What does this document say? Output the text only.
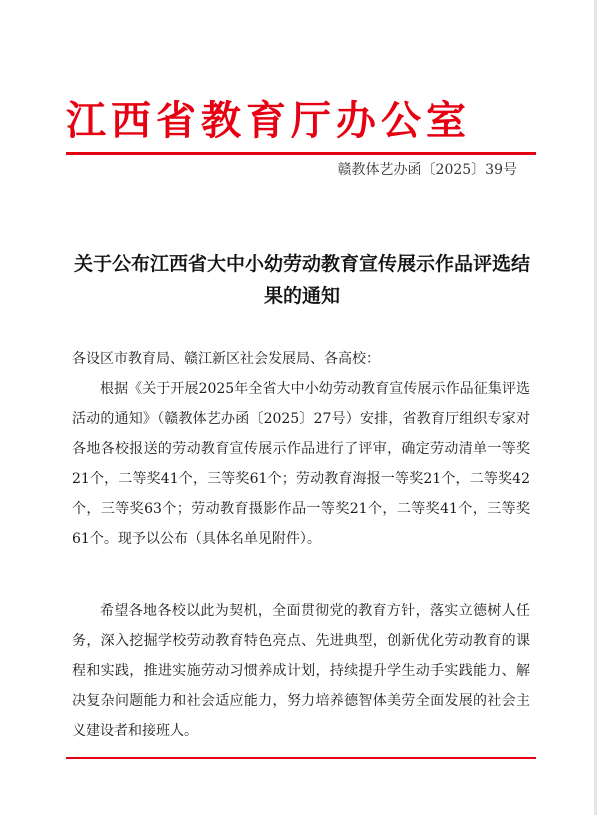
江西省教育厅办公室
赣教体艺办函〔2025〕39号
关于公布江西省大中小幼劳动教育宣传展示作品评选结果的通知
各设区市教育局、赣江新区社会发展局、各高校：

根据《关于开展2025年全省大中小幼劳动教育宣传展示作品征集评选活动的通知》（赣教体艺办函〔2025〕27号）安排，省教育厅组织专家对各地各校报送的劳动教育宣传展示作品进行了评审，确定劳动清单一等奖21个，二等奖41个，三等奖61个；劳动教育海报一等奖21个，二等奖42个，三等奖63个；劳动教育摄影作品一等奖21个，二等奖41个，三等奖61个。现予以公布（具体名单见附件）。

希望各地各校以此为契机，全面贯彻党的教育方针，落实立德树人任务，深入挖掘学校劳动教育特色亮点、先进典型，创新优化劳动教育的课程和实践，推进实施劳动习惯养成计划，持续提升学生动手实践能力、解决复杂问题能力和社会适应能力，努力培养德智体美劳全面发展的社会主义建设者和接班人。
